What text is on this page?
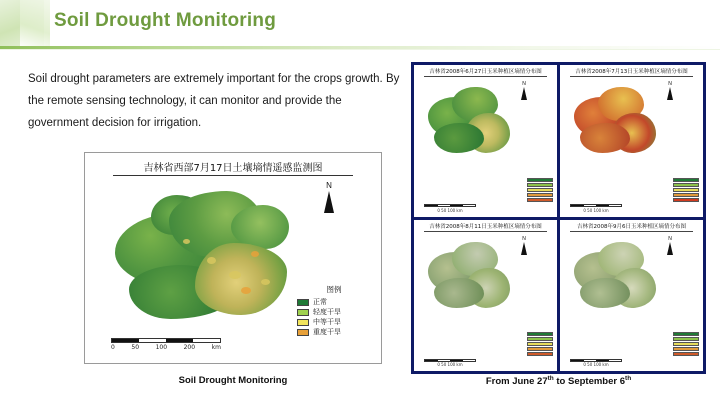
Soil Drought Monitoring
Soil drought parameters are extremely important for the crops growth. By the remote sensing technology, it can monitor and provide the government decision for irrigation.
吉林省西部7月17日土壤墒情遥感监测图
N
图例
正常
轻度干旱
中等干旱
重度干旱
0	50	100	200	km
Soil Drought Monitoring
吉林省2008年6月27日玉米种植区墒情分布图
N
0 50 100 km
吉林省2008年7月13日玉米种植区墒情分布图
N
0 50 100 km
吉林省2008年8月11日玉米种植区墒情分布图
N
0 50 100 km
吉林省2008年9月6日玉米种植区墒情分布图
N
0 50 100 km
From June 27th to September 6th
